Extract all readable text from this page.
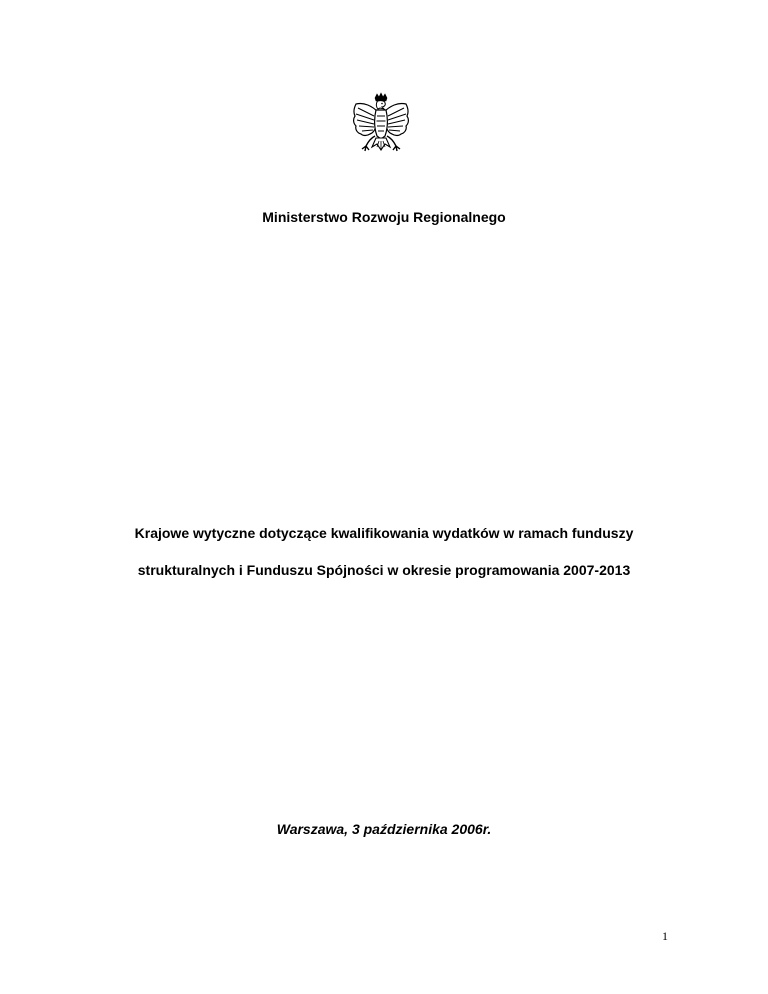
Ministerstwo Rozwoju Regionalnego
Krajowe wytyczne dotyczące kwalifikowania wydatków w ramach funduszy
strukturalnych i Funduszu Spójności w okresie programowania 2007-2013
Warszawa, 3 października 2006r.
1
